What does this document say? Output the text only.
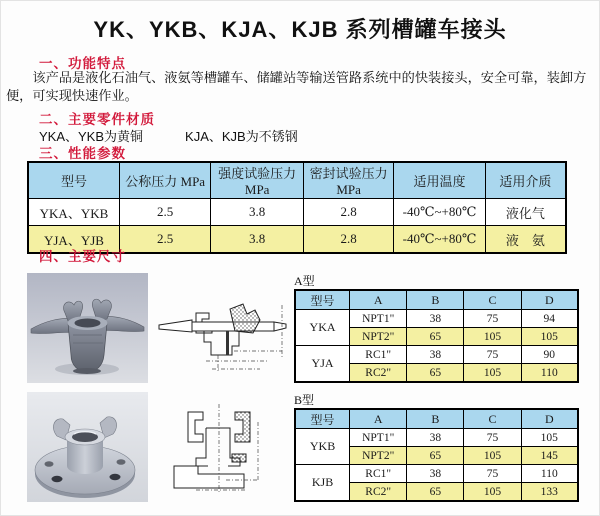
YK、YKB、KJA、KJB 系列槽罐车接头
一、功能特点
该产品是液化石油气、液氨等槽罐车、储罐站等输送管路系统中的快装接头，安全可靠，装卸方便，可实现快速作业。
二、主要零件材质
YKA、YKB为黄铜	KJA、KJB为不锈钢
三、性能参数
型号	公称压力 MPa	强度试验压力MPa	密封试验压力MPa	适用温度	适用介质
YKA、YKB	2.5	3.8	2.8	-40℃~+80℃	液化气
YJA、YJB	2.5	3.8	2.8	-40℃~+80℃	液　氨
四、主要尺寸
A型
型号	A	B	C	D
YKA	NPT1"	38	75	94
	NPT2"	65	105	105
YJA	RC1"	38	75	90
	RC2"	65	105	110
B型
型号	A	B	C	D
YKB	NPT1"	38	75	105
	NPT2"	65	105	145
KJB	RC1"	38	75	110
	RC2"	65	105	133
